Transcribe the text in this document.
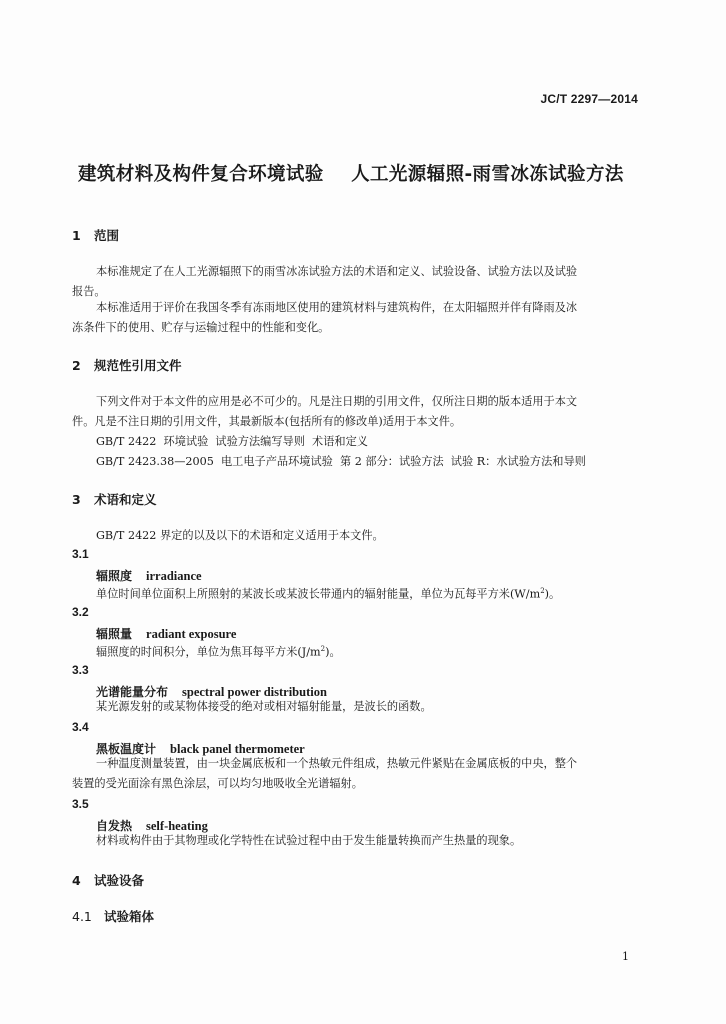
JC/T 2297—2014
建筑材料及构件复合环境试验    人工光源辐照-雨雪冰冻试验方法
1 范围
本标准规定了在人工光源辐照下的雨雪冰冻试验方法的术语和定义、试验设备、试验方法以及试验
报告。
本标准适用于评价在我国冬季有冻雨地区使用的建筑材料与建筑构件，在太阳辐照并伴有降雨及冰
冻条件下的使用、贮存与运输过程中的性能和变化。
2 规范性引用文件
下列文件对于本文件的应用是必不可少的。凡是注日期的引用文件，仅所注日期的版本适用于本文
件。凡是不注日期的引用文件，其最新版本(包括所有的修改单)适用于本文件。
GB/T 2422  环境试验  试验方法编写导则  术语和定义
GB/T 2423.38—2005  电工电子产品环境试验  第 2 部分：试验方法  试验 R：水试验方法和导则
3 术语和定义
GB/T 2422 界定的以及以下的术语和定义适用于本文件。
3.1
辐照度 irradiance
单位时间单位面积上所照射的某波长或某波长带通内的辐射能量，单位为瓦每平方米$(W/m^2)$。
3.2
辐照量 radiant exposure
辐照度的时间积分，单位为焦耳每平方米$(J/m^2)$。
3.3
光谱能量分布 spectral power distribution
某光源发射的或某物体接受的绝对或相对辐射能量，是波长的函数。
3.4
黑板温度计 black panel thermometer
一种温度测量装置，由一块金属底板和一个热敏元件组成，热敏元件紧贴在金属底板的中央，整个
装置的受光面涂有黑色涂层，可以均匀地吸收全光谱辐射。
3.5
自发热 self-heating
材料或构件由于其物理或化学特性在试验过程中由于发生能量转换而产生热量的现象。
4 试验设备
4.1 试验箱体
1
